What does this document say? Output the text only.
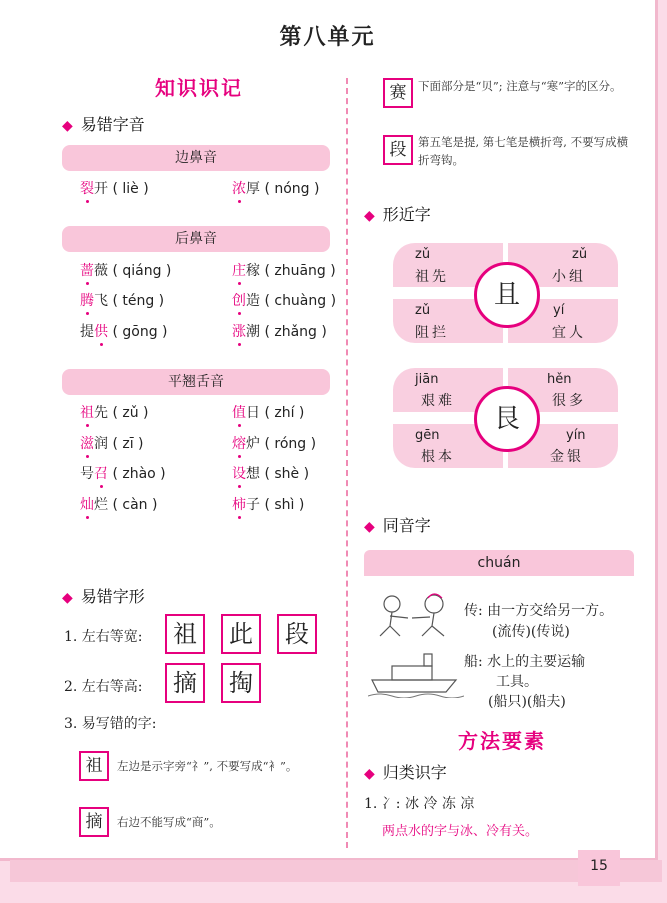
第八单元
知识识记
◆ 易错字音
边鼻音
裂开 ( liè )	浓厚 ( nóng )
后鼻音
蔷薇 ( qiáng )	庄稼 ( zhuāng )
腾飞 ( téng )	创造 ( chuàng )
提供 ( gōng )	涨潮 ( zhǎng )
平翘舌音
祖先 ( zǔ )	值日 ( zhí )
滋润 ( zī )	熔炉 ( róng )
号召 ( zhào )	设想 ( shè )
灿烂 ( càn )	柿子 ( shì )
◆ 易错字形
1. 左右等宽:	祖	此	段
2. 左右等高:	摘	掏
3. 易写错的字:
祖	左边是示字旁“礻”, 不要写成“衤”。
摘	右边不能写成“商”。
赛	下面部分是“贝”; 注意与“寒”字的区分。
段	第五笔是提, 第七笔是横折弯, 不要写成横折弯钩。
◆ 形近字
zǔ
祖先
zǔ
小组
zǔ
阻拦
yí
宜人
且
jiān
艰难
hěn
很多
gēn
根本
yín
金银
艮
◆ 同音字
chuán
传: 由一方交给另一方。
(流传)(传说)
船: 水上的主要运输
工具。
(船只)(船夫)
方法要素
◆ 归类识字
1. 冫: 冰 冷 冻 凉
两点水的字与冰、冷有关。
15
